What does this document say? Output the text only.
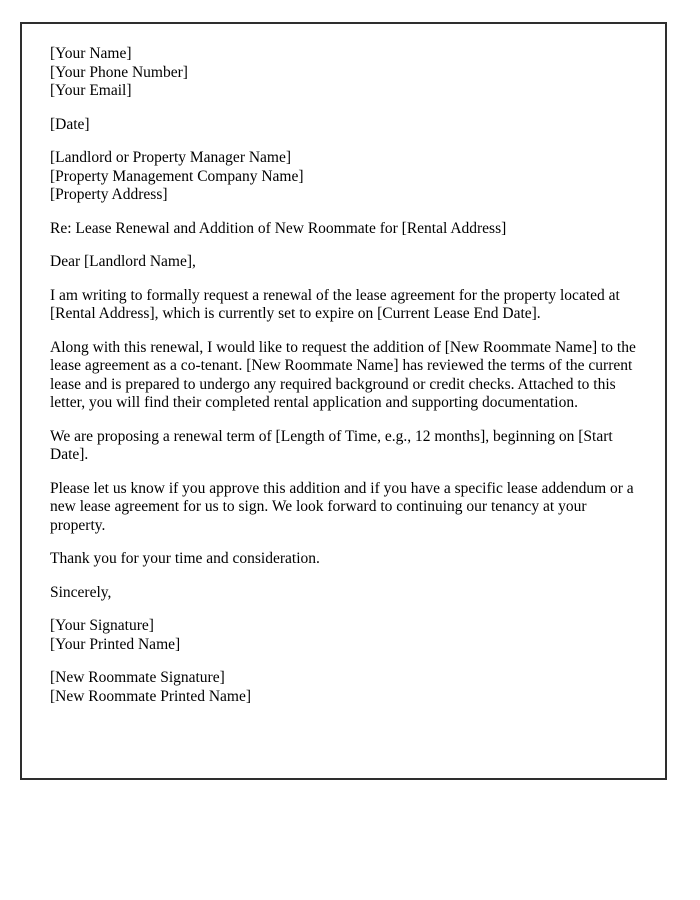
[Your Name]
[Your Phone Number]
[Your Email]
[Date]
[Landlord or Property Manager Name]
[Property Management Company Name]
[Property Address]
Re: Lease Renewal and Addition of New Roommate for [Rental Address]
Dear [Landlord Name],
I am writing to formally request a renewal of the lease agreement for the property located at [Rental Address], which is currently set to expire on [Current Lease End Date].
Along with this renewal, I would like to request the addition of [New Roommate Name] to the lease agreement as a co-tenant. [New Roommate Name] has reviewed the terms of the current lease and is prepared to undergo any required background or credit checks. Attached to this letter, you will find their completed rental application and supporting documentation.
We are proposing a renewal term of [Length of Time, e.g., 12 months], beginning on [Start Date].
Please let us know if you approve this addition and if you have a specific lease addendum or a new lease agreement for us to sign. We look forward to continuing our tenancy at your property.
Thank you for your time and consideration.
Sincerely,
[Your Signature]
[Your Printed Name]
[New Roommate Signature]
[New Roommate Printed Name]
